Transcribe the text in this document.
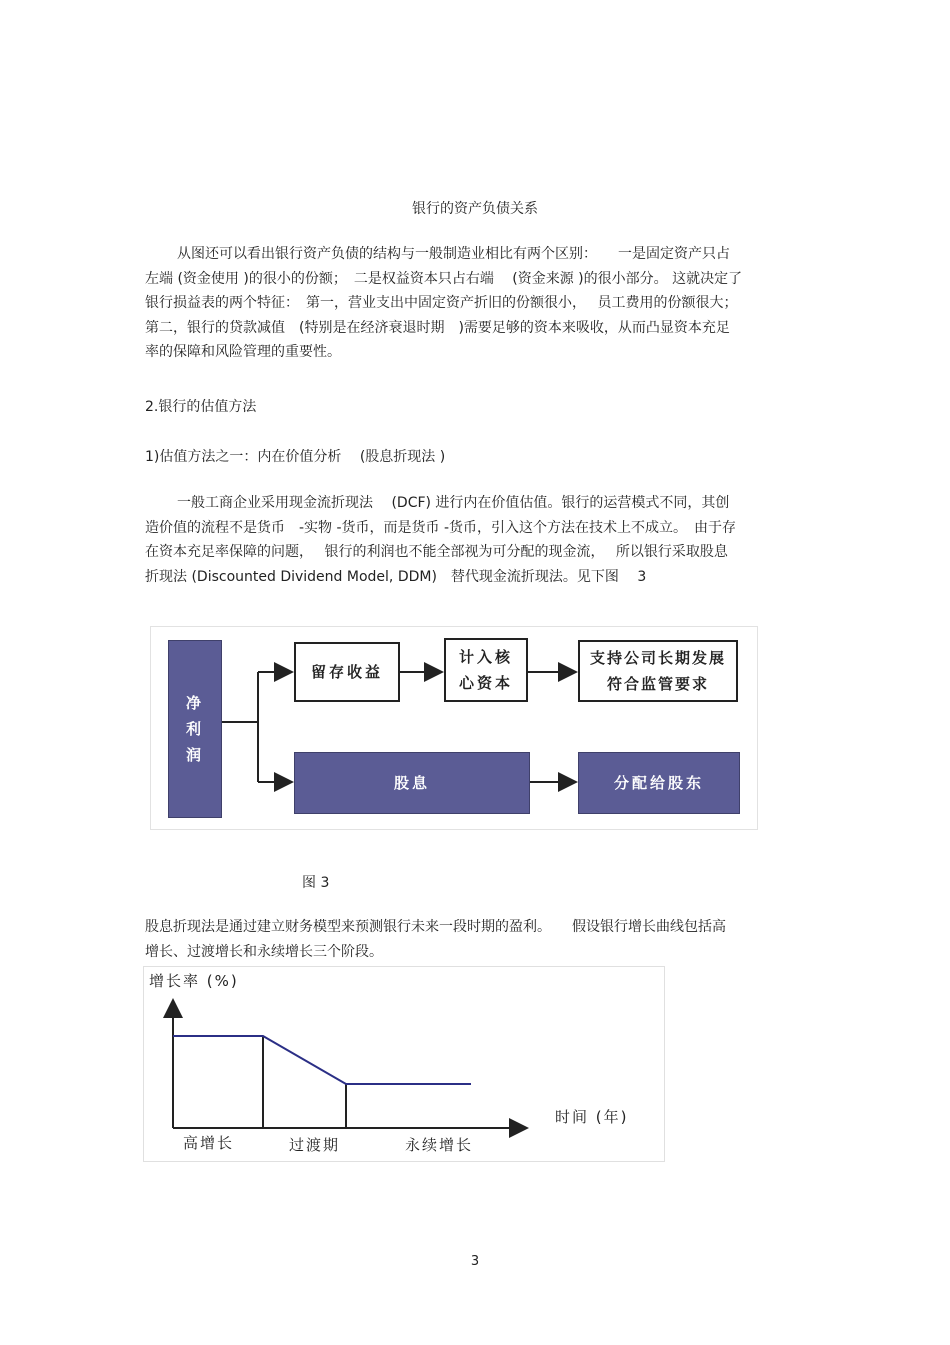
银行的资产负债关系
从图还可以看出银行资产负债的结构与一般制造业相比有两个区别：　　一是固定资产只占
左端 (资金使用 )的很小的份额；　二是权益资本只占右端　 (资金来源 )的很小部分。 这就决定了
银行损益表的两个特征：　第一，营业支出中固定资产折旧的份额很小，　 员工费用的份额很大；
第二，银行的贷款减值　(特别是在经济衰退时期　)需要足够的资本来吸收，从而凸显资本充足
率的保障和风险管理的重要性。
2.银行的估值方法
1)估值方法之一：内在价值分析　 (股息折现法 )
一般工商企业采用现金流折现法　 (DCF) 进行内在价值估值。银行的运营模式不同，其创
造价值的流程不是货币　-实物 -货币，而是货币 -货币，引入这个方法在技术上不成立。　由于存
在资本充足率保障的问题，　 银行的利润也不能全部视为可分配的现金流，　 所以银行采取股息
折现法 (Discounted Dividend Model, DDM)　替代现金流折现法。见下图　 3
净
利
润
留存收益
计入核
心资本
支持公司长期发展
符合监管要求
股息	分配给股东
图 3
股息折现法是通过建立财务模型来预测银行未来一段时期的盈利。　　假设银行增长曲线包括高
增长、过渡增长和永续增长三个阶段。
增长率 (%)
时间 (年)
高增长	过渡期	永续增长
3
